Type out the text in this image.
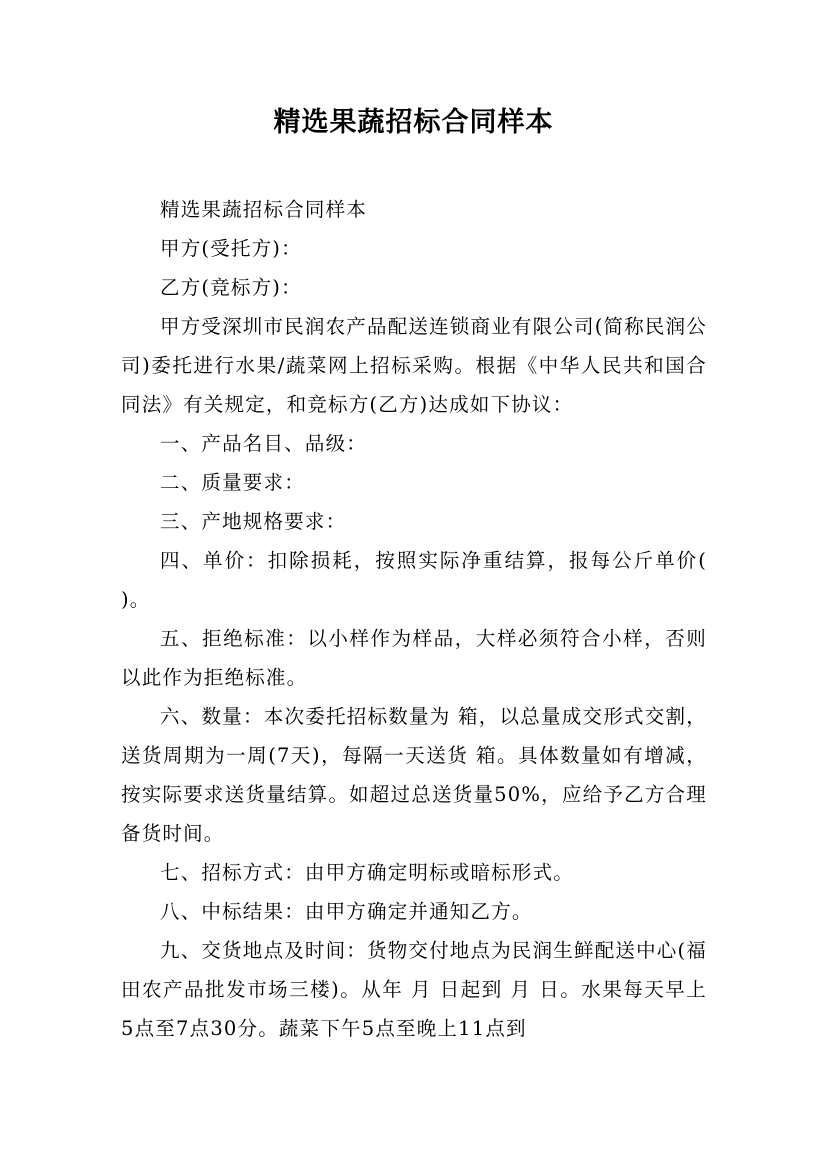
精选果蔬招标合同样本

精选果蔬招标合同样本

甲方(受托方)：

乙方(竞标方)：

甲方受深圳市民润农产品配送连锁商业有限公司(简称民润公司)委托进行水果/蔬菜网上招标采购。根据《中华人民共和国合同法》有关规定，和竞标方(乙方)达成如下协议：

一、产品名目、品级：

二、质量要求：

三、产地规格要求：

四、单价：扣除损耗，按照实际净重结算，报每公斤单价( )。

五、拒绝标准：以小样作为样品，大样必须符合小样，否则以此作为拒绝标准。

六、数量：本次委托招标数量为 箱，以总量成交形式交割，送货周期为一周(7天)，每隔一天送货 箱。具体数量如有增减，按实际要求送货量结算。如超过总送货量50%，应给予乙方合理备货时间。

七、招标方式：由甲方确定明标或暗标形式。

八、中标结果：由甲方确定并通知乙方。

九、交货地点及时间：货物交付地点为民润生鲜配送中心(福田农产品批发市场三楼)。从年 月 日起到 月 日。水果每天早上5点至7点30分。蔬菜下午5点至晚上11点到
